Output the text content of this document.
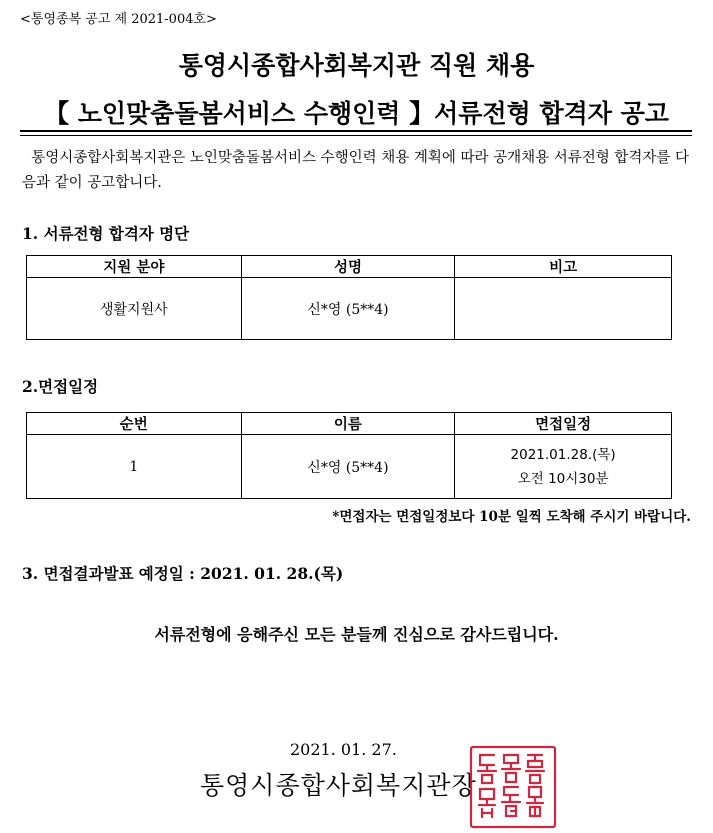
<통영종복 공고 제 2021-004호>
통영시종합사회복지관 직원 채용
【 노인맞춤돌봄서비스 수행인력 】서류전형 합격자 공고
통영시종합사회복지관은 노인맞춤돌봄서비스 수행인력 채용 계획에 따라 공개채용 서류전형 합격자를 다음과 같이 공고합니다.
1. 서류전형 합격자 명단
지원 분야	성명	비고
생활지원사	신*영 (5**4)	
2.면접일정
순번	이름	면접일정
1	신*영 (5**4)	2021.01.28.(목)
오전 10시30분
*면접자는 면접일정보다 10분 일찍 도착해 주시기 바랍니다.
3. 면접결과발표 예정일 : 2021. 01. 28.(목)
서류전형에 응해주신 모든 분들께 진심으로 감사드립니다.
2021. 01. 27.
통영시종합사회복지관장
